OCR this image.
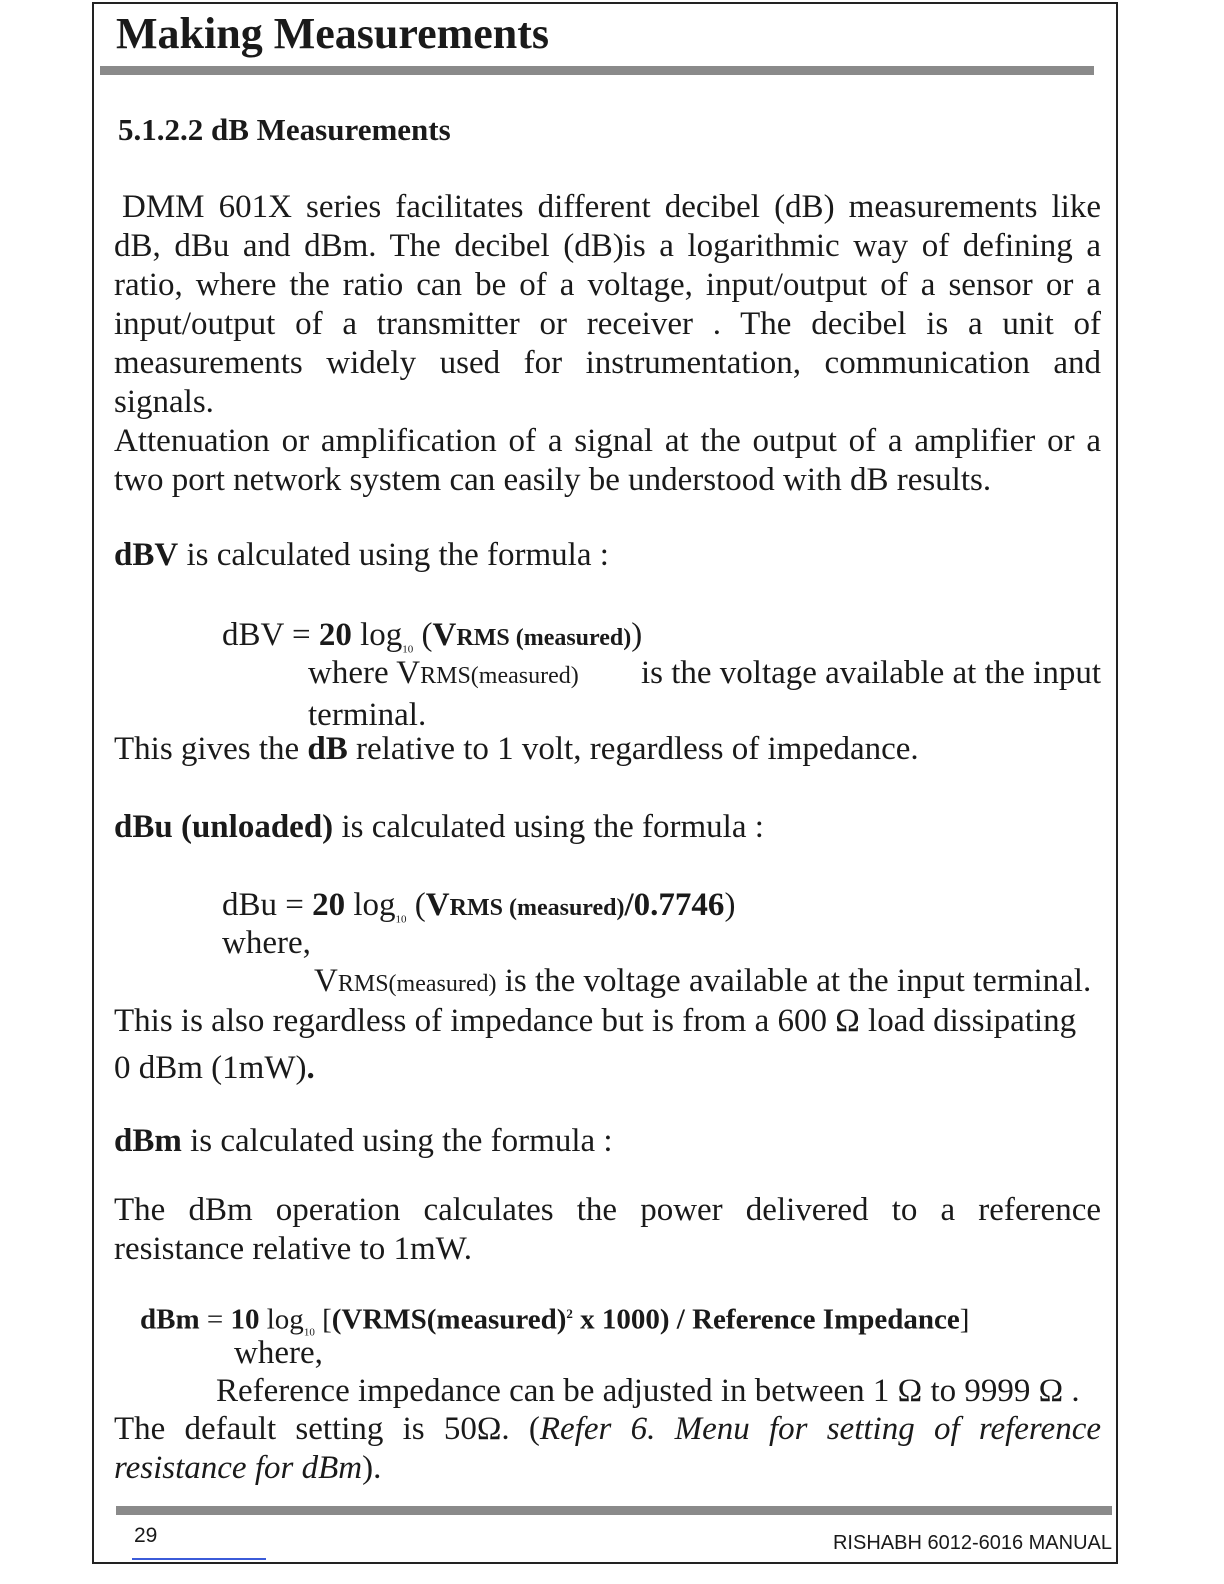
Making Measurements
5.1.2.2 dB Measurements

DMM 601X series facilitates different decibel (dB) measurements like dB, dBu and dBm. The decibel (dB)is a logarithmic way of defining a ratio, where the ratio can be of a voltage, input/output of a sensor or a input/output of a transmitter or receiver . The decibel is a unit of measurements widely used for instrumentation, communication and signals.

Attenuation or amplification of a signal at the output of a amplifier or a two port network system can easily be understood with dB results.

dBV is calculated using the formula :
dBV = 20 $\log_{10}$ (VRMS (measured))
where VRMS(measured) is the voltage available at the input
terminal.
This gives the dB relative to 1 volt, regardless of impedance.
dBu (unloaded) is calculated using the formula :
dBu = 20 $\log_{10}$ (VRMS (measured)/0.7746)
where,
VRMS(measured) is the voltage available at the input terminal.
This is also regardless of impedance but is from a 600 Ω load dissipating
0 dBm (1mW).
dBm is calculated using the formula :

The dBm operation calculates the power delivered to a reference resistance relative to 1mW.

dBm = 10 $\log_{10}$ [(VRMS(measured)$^2$ x 1000) / Reference Impedance]
where,
Reference impedance can be adjusted in between 1 Ω to 9999 Ω .

The default setting is 50Ω. (Refer 6. Menu for setting of reference resistance for dBm).

29	RISHABH 6012-6016 MANUAL
